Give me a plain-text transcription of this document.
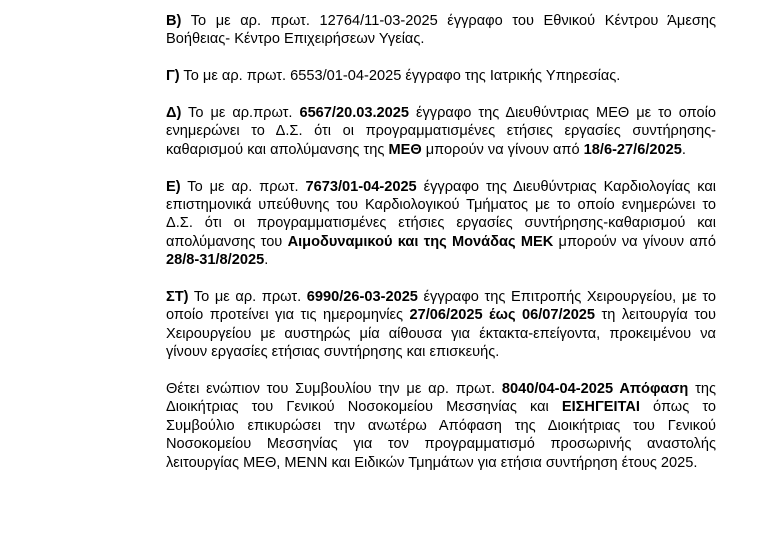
Β) Το με αρ. πρωτ. 12764/11-03-2025 έγγραφο του Εθνικού Κέντρου Άμεσης Βοήθειας- Κέντρο Επιχειρήσεων Υγείας.

Γ) Το με αρ. πρωτ. 6553/01-04-2025 έγγραφο της Ιατρικής Υπηρεσίας.

Δ) Το με αρ.πρωτ. 6567/20.03.2025 έγγραφο της Διευθύντριας ΜΕΘ με το οποίο ενημερώνει το Δ.Σ. ότι οι προγραμματισμένες ετήσιες εργασίες συντήρησης-καθαρισμού και απολύμανσης της ΜΕΘ μπορούν να γίνουν από 18/6-27/6/2025.

Ε) Το με αρ. πρωτ. 7673/01-04-2025 έγγραφο της Διευθύντριας Καρδιολογίας και επιστημονικά υπεύθυνης του Καρδιολογικού Τμήματος με το οποίο ενημερώνει το Δ.Σ. ότι οι προγραμματισμένες ετήσιες εργασίες συντήρησης-καθαρισμού και απολύμανσης του Αιμοδυναμικού και της Μονάδας ΜΕΚ μπορούν να γίνουν από 28/8-31/8/2025.

ΣΤ) Το με αρ. πρωτ. 6990/26-03-2025 έγγραφο της Επιτροπής Χειρουργείου, με το οποίο προτείνει για τις ημερομηνίες 27/06/2025 έως 06/07/2025 τη λειτουργία του Χειρουργείου με αυστηρώς μία αίθουσα για έκτακτα-επείγοντα, προκειμένου να γίνουν εργασίες ετήσιας συντήρησης και επισκευής.

Θέτει ενώπιον του Συμβουλίου την με αρ. πρωτ. 8040/04-04-2025 Απόφαση της Διοικήτριας του Γενικού Νοσοκομείου Μεσσηνίας και ΕΙΣΗΓΕΙΤΑΙ όπως το Συμβούλιο επικυρώσει την ανωτέρω Απόφαση της Διοικήτριας του Γενικού Νοσοκομείου Μεσσηνίας για τον προγραμματισμό προσωρινής αναστολής λειτουργίας ΜΕΘ, ΜΕΝΝ και Ειδικών Τμημάτων για ετήσια συντήρηση έτους 2025.
